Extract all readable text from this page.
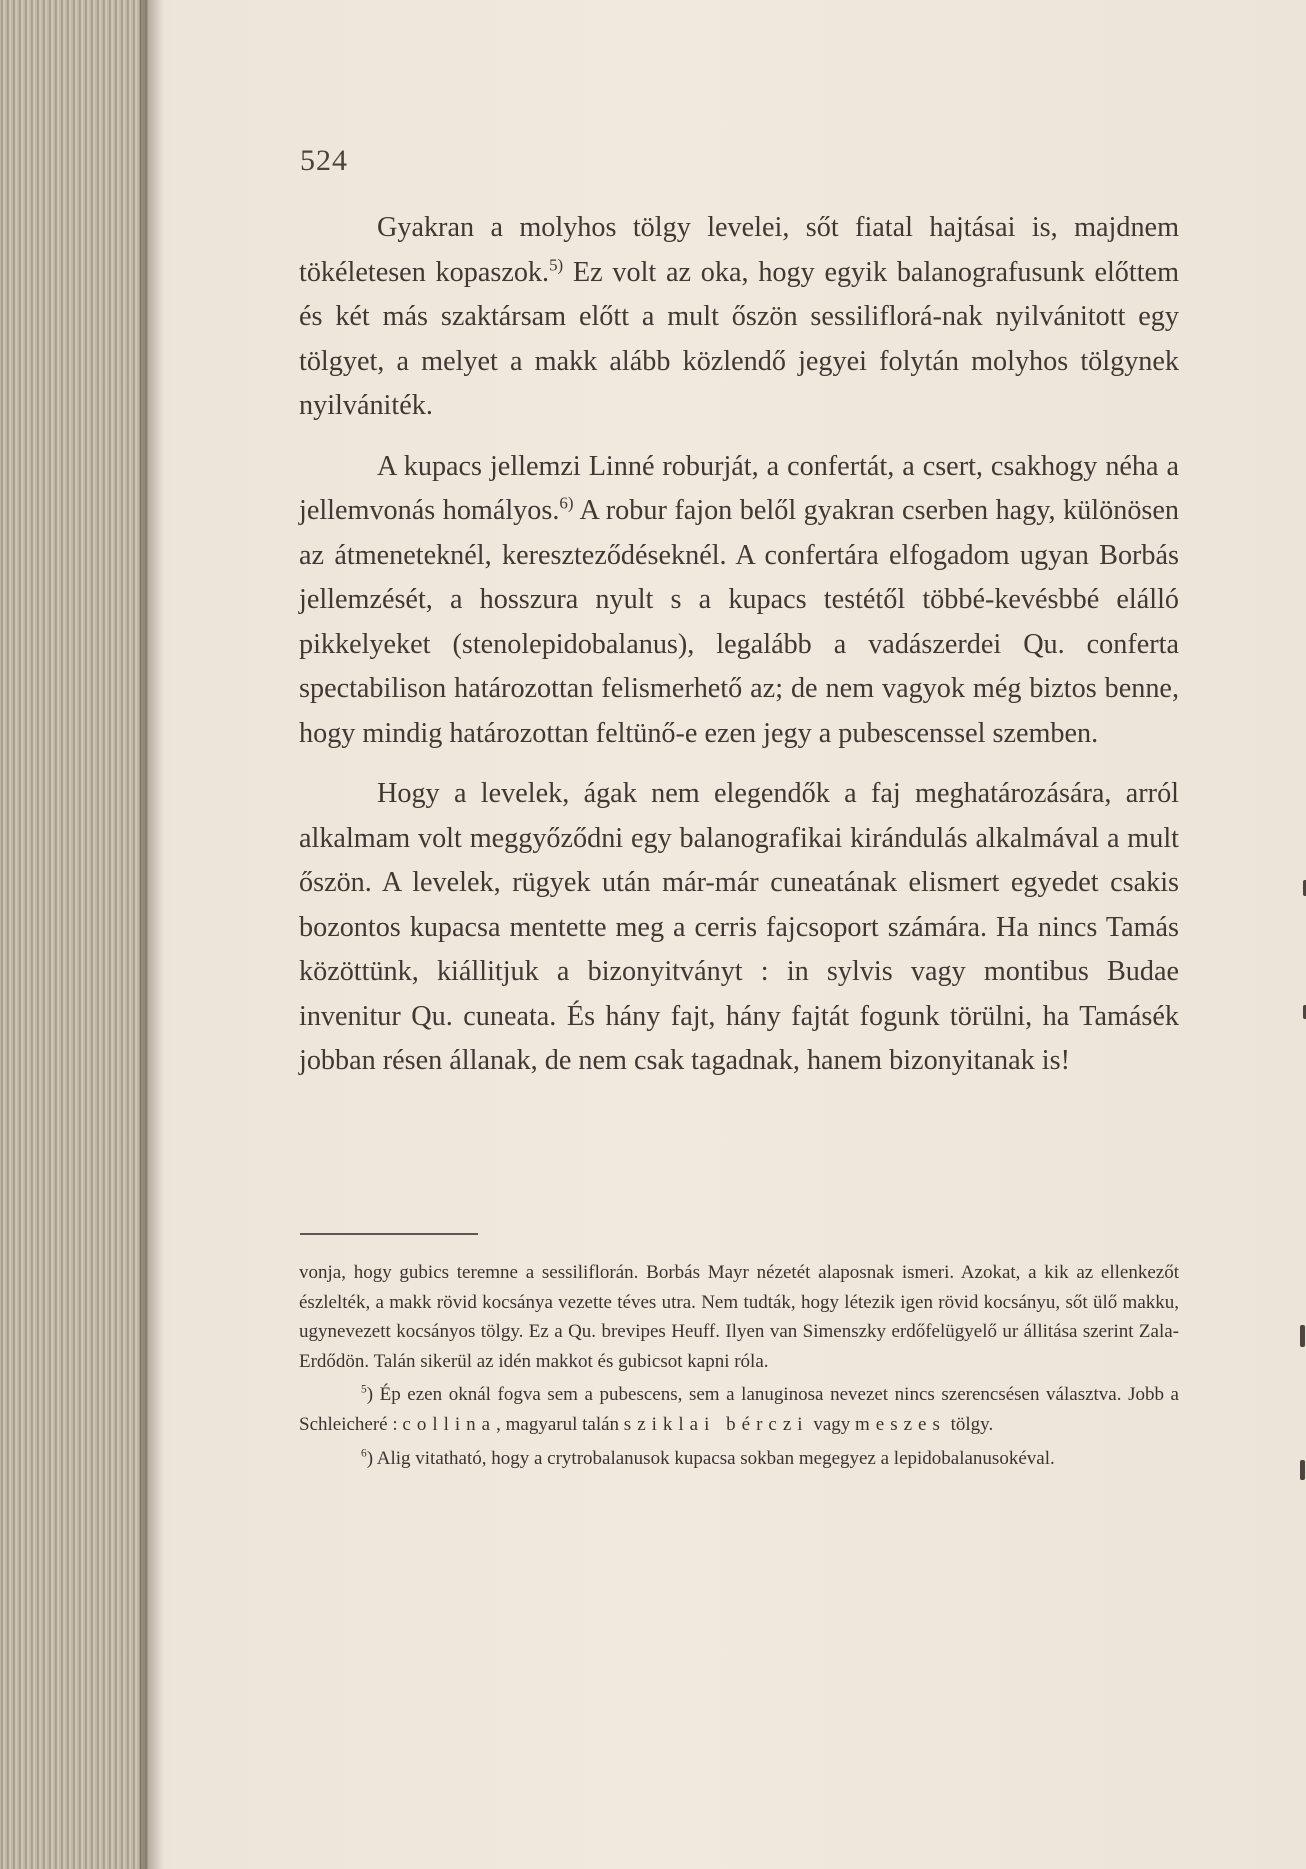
524

Gyakran a molyhos tölgy levelei, sőt fiatal hajtásai is, majdnem tökéletesen kopaszok.$^{5)}$ Ez volt az oka, hogy egyik balanografusunk előttem és két más szaktársam előtt a mult őszön sessiliflorá-nak nyilvánitott egy tölgyet, a melyet a makk alább közlendő jegyei folytán molyhos tölgynek nyilvániték.

A kupacs jellemzi Linné roburját, a confertát, a csert, csakhogy néha a jellemvonás homályos.$^{6)}$ A robur fajon belől gyakran cserben hagy, különösen az átmeneteknél, kereszteződéseknél. A confertára elfogadom ugyan Borbás jellemzését, a hosszura nyult s a kupacs testétől többé-kevésbbé elálló pikkelyeket (stenolepidobalanus), legalább a vadászerdei Qu. conferta spectabilison határozottan felismerhető az; de nem vagyok még biztos benne, hogy mindig határozottan feltünő-e ezen jegy a pubescenssel szemben.

Hogy a levelek, ágak nem elegendők a faj meghatározására, arról alkalmam volt meggyőződni egy balanografikai kirándulás alkalmával a mult őszön. A levelek, rügyek után már-már cuneatának elismert egyedet csakis bozontos kupacsa mentette meg a cerris fajcsoport számára. Ha nincs Tamás közöttünk, kiállitjuk a bizonyitványt : in sylvis vagy montibus Budae invenitur Qu. cuneata. És hány fajt, hány fajtát fogunk törülni, ha Tamásék jobban résen állanak, de nem csak tagadnak, hanem bizonyitanak is!

vonja, hogy gubics teremne a sessiliflorán. Borbás Mayr nézetét alaposnak ismeri. Azokat, a kik az ellenkezőt észlelték, a makk rövid kocsánya vezette téves utra. Nem tudták, hogy létezik igen rövid kocsányu, sőt ülő makku, ugynevezett kocsányos tölgy. Ez a Qu. brevipes Heuff. Ilyen van Simenszky erdőfelügyelő ur állitása szerint Zala-Erdődön. Talán sikerül az idén makkot és gubicsot kapni róla.

$^5$) Ép ezen oknál fogva sem a pubescens, sem a lanuginosa nevezet nincs szerencsésen választva. Jobb a Schleicheré : collina, magyarul talán sziklai bérczi vagy meszes tölgy.

$^6$) Alig vitatható, hogy a crytrobalanusok kupacsa sokban megegyez a lepidobalanusokéval.
